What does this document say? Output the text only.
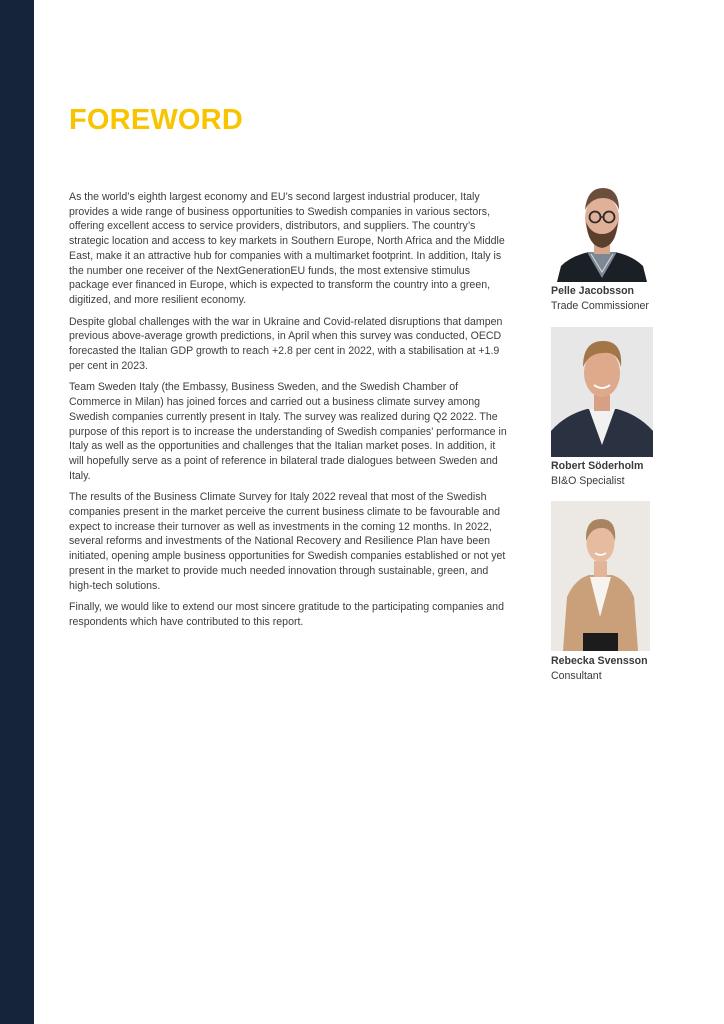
FOREWORD

As the world’s eighth largest economy and EU’s second largest industrial producer, Italy provides a wide range of business opportunities to Swedish companies in various sectors, offering excellent access to service providers, distributors, and suppliers. The country’s strategic location and access to key markets in Southern Europe, North Africa and the Middle East, make it an attractive hub for companies with a multimarket footprint. In addition, Italy is the number one receiver of the NextGenerationEU funds, the most extensive stimulus package ever financed in Europe, which is expected to transform the country into a green, digitized, and more resilient economy.

Despite global challenges with the war in Ukraine and Covid-related disruptions that dampen previous above-average growth predictions, in April when this survey was conducted, OECD forecasted the Italian GDP growth to reach +2.8 per cent in 2022, with a stabilisation at +1.9 per cent in 2023.

Team Sweden Italy (the Embassy, Business Sweden, and the Swedish Chamber of Commerce in Milan) has joined forces and carried out a business climate survey among Swedish companies currently present in Italy. The survey was realized during Q2 2022. The purpose of this report is to increase the understanding of Swedish companies’ performance in Italy as well as the opportunities and challenges that the Italian market poses. In addition, it will hopefully serve as a point of reference in bilateral trade dialogues between Sweden and Italy.

The results of the Business Climate Survey for Italy 2022 reveal that most of the Swedish companies present in the market perceive the current business climate to be favourable and expect to increase their turnover as well as investments in the coming 12 months. In 2022, several reforms and investments of the National Recovery and Resilience Plan have been initiated, opening ample business opportunities for Swedish companies established or not yet present in the market to provide much needed innovation through sustainable, green, and high-tech solutions.

Finally, we would like to extend our most sincere gratitude to the participating companies and respondents which have contributed to this report.

Pelle Jacobsson
Trade Commissioner
Robert Söderholm
BI&O Specialist
Rebecka Svensson
Consultant
